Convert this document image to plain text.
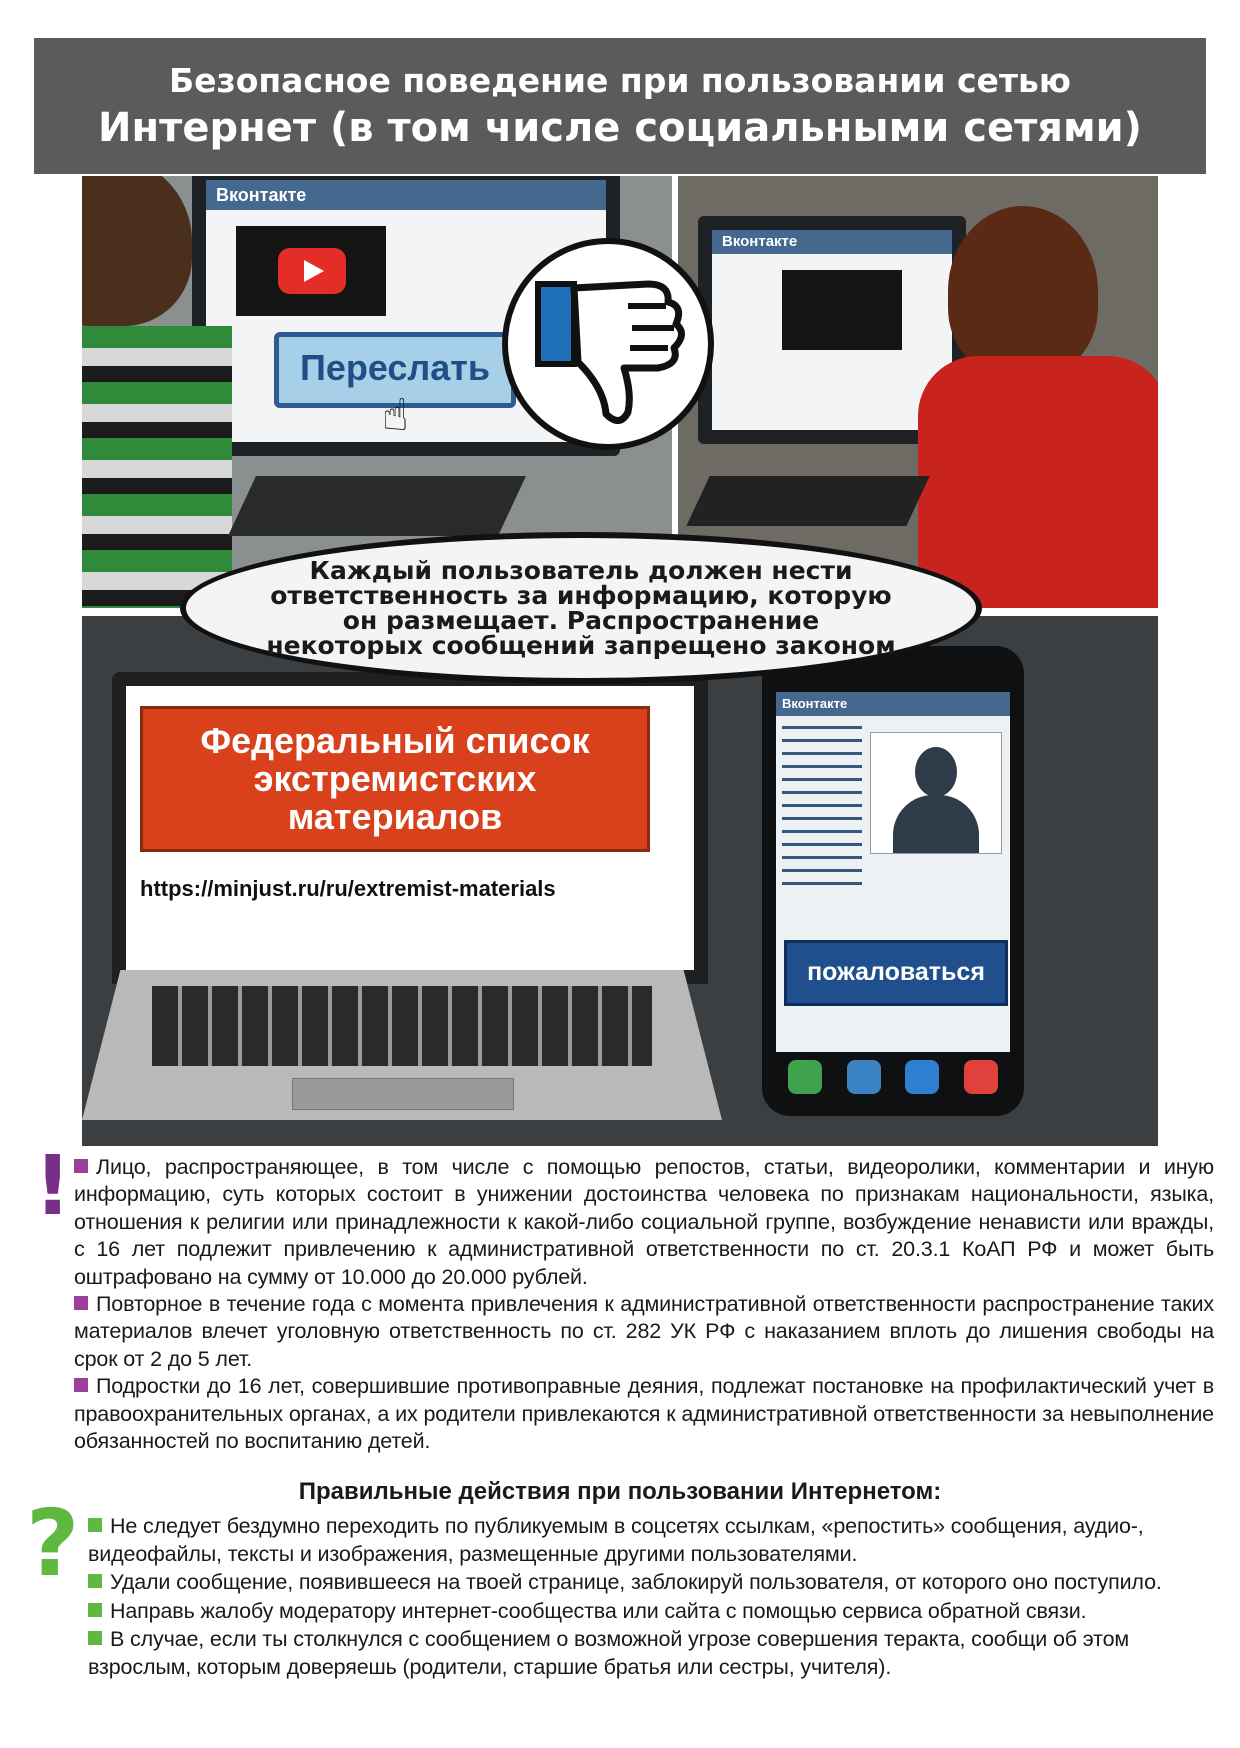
Безопасное поведение при пользовании сетью
Интернет (в том числе социальными сетями)
Вконтакте
Переслать
☝
Вконтакте
Федеральный список
экстремистских
материалов
https://minjust.ru/ru/extremist-materials
Вконтакте
пожаловаться
Каждый пользователь должен нести ответственность за информацию, которую он размещает. Распространение некоторых сообщений запрещено законом
!
?

Лицо, распространяющее, в том числе с помощью репостов, статьи, видеоролики, комментарии и иную информацию, суть которых состоит в унижении достоинства человека по признакам национальности, языка, отношения к религии или принадлежности к какой-либо социальной группе, возбуждение ненависти или вражды, с 16 лет подлежит привлечению к административной ответственности по ст. 20.3.1 КоАП РФ и может быть оштрафовано на сумму от 10.000 до 20.000 рублей.

Повторное в течение года с момента привлечения к административной ответственности распространение таких материалов влечет уголовную ответственность по ст. 282 УК РФ с наказанием вплоть до лишения свободы на срок от 2 до 5 лет.

Подростки до 16 лет, совершившие противоправные деяния, подлежат постановке на профилактический учет в правоохранительных органах, а их родители привлекаются к административной ответственности за невыполнение обязанностей по воспитанию детей.

Правильные действия при пользовании Интернетом:

Не следует бездумно переходить по публикуемым в соцсетях ссылкам, «репостить» сообщения, аудио-, видеофайлы, тексты и изображения, размещенные другими пользователями.

Удали сообщение, появившееся на твоей странице, заблокируй пользователя, от которого оно поступило.

Направь жалобу модератору интернет-сообщества или сайта с помощью сервиса обратной связи.

В случае, если ты столкнулся с сообщением о возможной угрозе совершения теракта, сообщи об этом взрослым, которым доверяешь (родители, старшие братья или сестры, учителя).
